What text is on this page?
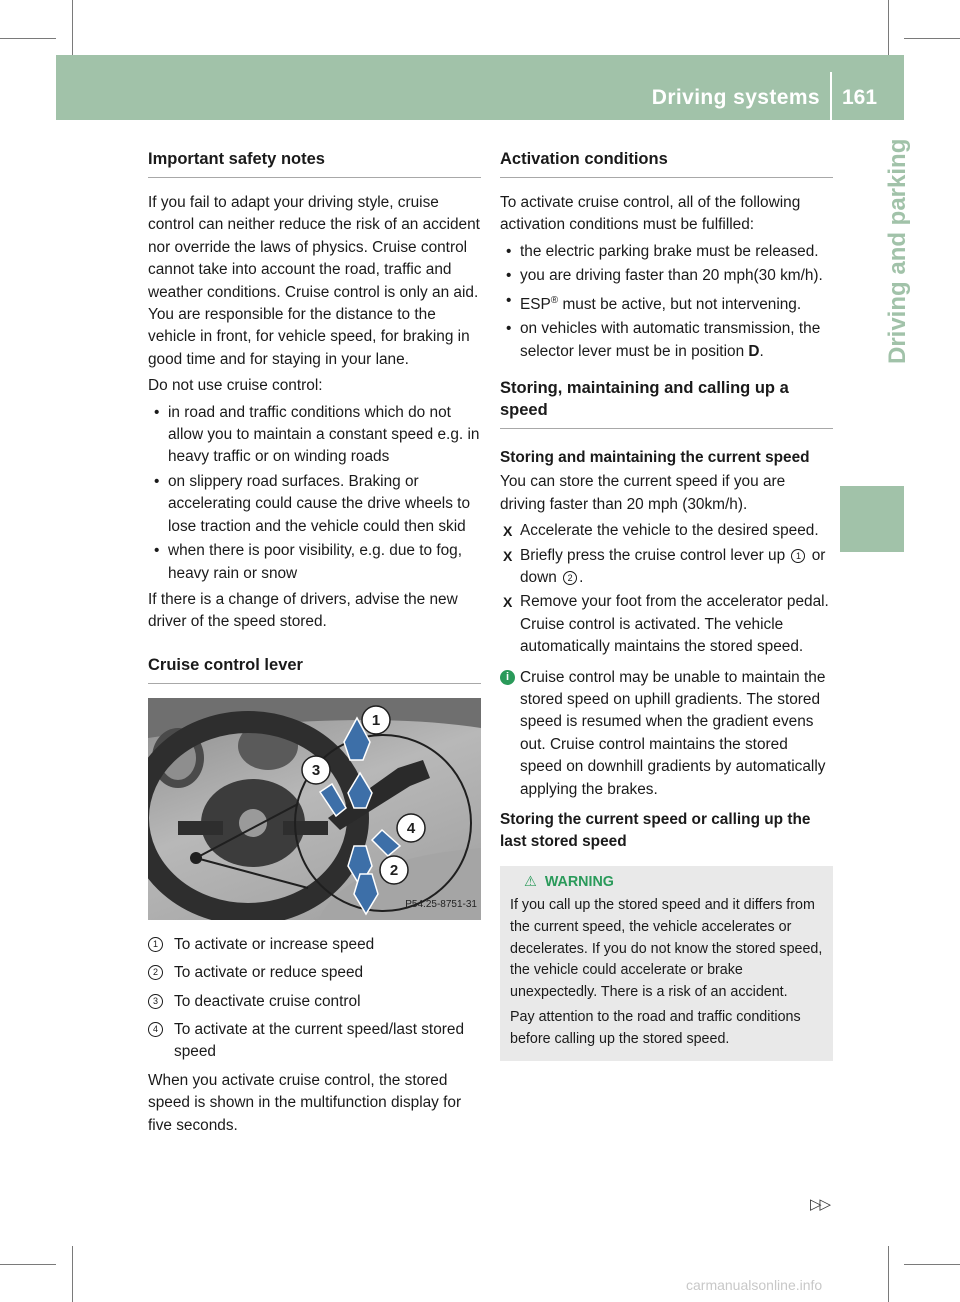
Driving systems 161
Driving and parking
Important safety notes

If you fail to adapt your driving style, cruise control can neither reduce the risk of an accident nor override the laws of physics. Cruise control cannot take into account the road, traffic and weather conditions. Cruise control is only an aid. You are responsible for the distance to the vehicle in front, for vehicle speed, for braking in good time and for staying in your lane.

Do not use cruise control:

• in road and traffic conditions which do not allow you to maintain a constant speed e.g. in heavy traffic or on winding roads
• on slippery road surfaces. Braking or accelerating could cause the drive wheels to lose traction and the vehicle could then skid
• when there is poor visibility, e.g. due to fog, heavy rain or snow

If there is a change of drivers, advise the new driver of the speed stored.

Cruise control lever
1
2
3
4
P54.25-8751-31
1	To activate or increase speed
2	To activate or reduce speed
3	To deactivate cruise control
4	To activate at the current speed/last stored speed

When you activate cruise control, the stored speed is shown in the multifunction display for five seconds.

Activation conditions

To activate cruise control, all of the following activation conditions must be fulfilled:

• the electric parking brake must be released.
• you are driving faster than 20 mph(30 km/h).
• ESP® must be active, but not intervening.
• on vehicles with automatic transmission, the selector lever must be in position D.
Storing, maintaining and calling up a speed
Storing and maintaining the current speed

You can store the current speed if you are driving faster than 20 mph (30km/h).

X Accelerate the vehicle to the desired speed.
X Briefly press the cruise control lever up 1 or down 2 .
X Remove your foot from the accelerator pedal.
Cruise control is activated. The vehicle automatically maintains the stored speed.
i Cruise control may be unable to maintain the stored speed on uphill gradients. The stored speed is resumed when the gradient evens out. Cruise control maintains the stored speed on downhill gradients by automatically applying the brakes.
Storing the current speed or calling up the last stored speed
⚠ WARNING

If you call up the stored speed and it differs from the current speed, the vehicle accelerates or decelerates. If you do not know the stored speed, the vehicle could accelerate or brake unexpectedly. There is a risk of an accident.

Pay attention to the road and traffic conditions before calling up the stored speed.

▷▷
carmanualsonline.info
